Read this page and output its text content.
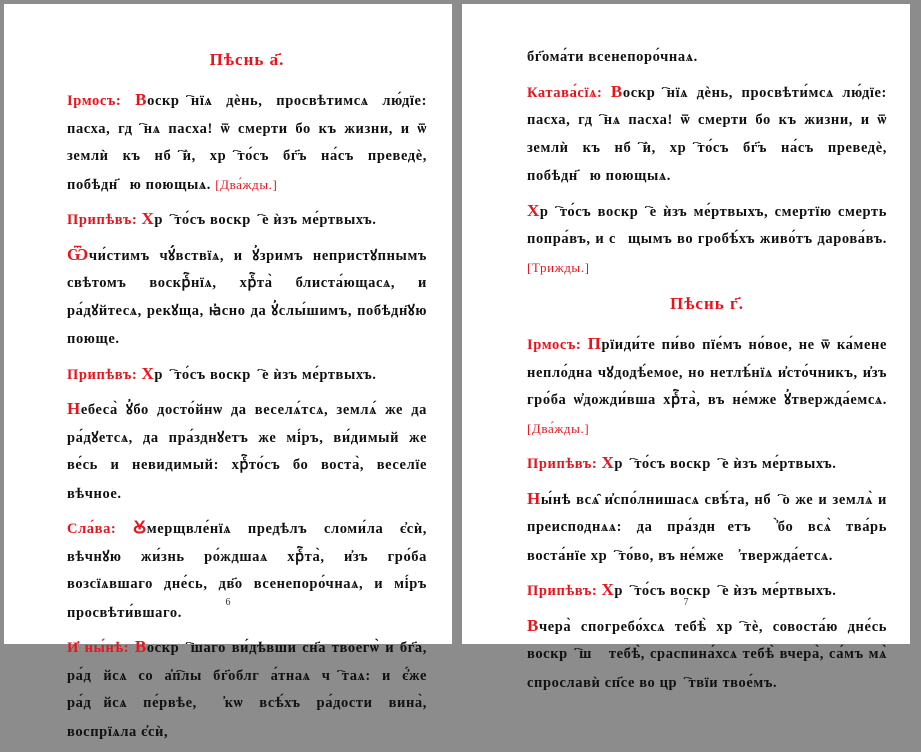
Пѣснь а҃.
Ірмосъ: Воскрⷭ҇нїѧ дѐнь, просвѣтимсѧ лю́дїе: пасха, гдⷭ҇нѧ пасха! ѿ смерти бо къ жизни, и ѿ землѝ къ нбⷭ҇ѝ, хрⷭ҇то́съ бг҃ъ на́съ преведѐ, побѣдн҃ꙋю поющыѧ. [Два́жды.]
Припѣвъ: Хрⷭ҇то́съ воскрⷭ҇е ѝзъ ме́ртвыхъ.
Ѿчи́стимъ чꙋ́вствїѧ, и ꙋ҆зримъ непристꙋпнымъ свѣтомъ воскрⷭ҇нїѧ, хрⷭ҇та̀ блиста́ющасѧ, и ра́дꙋйтесѧ, рекꙋща, ꙗ҆сно да ꙋ҆слы́шимъ, побѣдн҃ꙋю поюще.
Припѣвъ: Хрⷭ҇то́съ воскрⷭ҇е ѝзъ ме́ртвыхъ.
Небеса̀ ꙋ҆бо досто́йнѡ да веселѧ́тсѧ, землѧ́ же да ра́дꙋетсѧ, да пра́зднꙋетъ же мі́ръ, ви́димый же ве́сь и невидимый: хрⷭ҇то́съ бо воста̀, веселїе вѣчное.
Сла́ва: Ꙋмерщвле́нїѧ предѣлъ сломи́ла є҆сѝ, вѣчнꙋю жи́знь ро́ждшаѧ хрⷭ҇та̀, и҆зъ гро́ба возсїѧвшаго дне́сь, дв҃о всенепоро́чнаѧ, и мі́ръ просвѣти́вшаго.
И҆ ны́нѣ: Воскрⷭ҇шаго ви́дѣвши сн҃а твоегѡ̀ и бг҃а, ра́дꙋйсѧ со а҆п҇лы бг҃облгⷣа́тнаѧ чⷭ҇таѧ: и є҆́же ра́дꙋйсѧ пе́рвѣе, ꙗ҆кѡ всѣ́хъ ра́дости вина̀, воспрїѧла є҆сѝ,
6
бг҃ома́ти всенепоро́чнаѧ.
Катава́сїѧ: Воскрⷭ҇нїѧ дѐнь, просвѣти́мсѧ лю́дїе: пасха, гдⷭ҇нѧ пасха! ѿ смерти бо къ жизни, и ѿ землѝ къ нбⷭ҇ѝ, хрⷭ҇то́съ бг҃ъ на́съ преведѐ, побѣдн҃ꙋю поющыѧ.
Хрⷭ҇то́съ воскрⷭ҇е ѝзъ ме́ртвыхъ, смертїю смерть попра́въ, и сꙋщымъ во гробѣ́хъ живо́тъ дарова́въ. [Трижды.]
Пѣснь г҃.
Ірмосъ: Прїиди́те пи́во пїе́мъ но́вое, не ѿ ка́мене непло́дна чꙋдодѣ́емое, но нетлѣ́нїѧ и҆сто́чникъ, и҆зъ гро́ба ѡ҆дожди́вша хрⷭ҇та̀, въ не́мже ꙋ҆твержда́емсѧ. [Два́жды.]
Припѣвъ: Хрⷭ҇то́съ воскрⷭ҇е ѝзъ ме́ртвыхъ.
Ны́нѣ всѧ̑ и҆спо́лнишасѧ свѣ́та, нбⷭ҇о же и землѧ̀ и преисподнѧѧ: да пра́зднꙋетъ ꙋ҆̀бо всѧ̀ тва́рь воста́нїе хрⷭ҇то́во, въ не́мже ꙋ҆твержда́етсѧ.
Припѣвъ: Хрⷭ҇то́съ воскрⷭ҇е ѝзъ ме́ртвыхъ.
Вчера̀ спогребо́хсѧ тебѣ̀ хрⷭ҇тѐ, совоста́ю дне́сь воскрⷭ҇шꙋ тебѣ̀, сраспина́хсѧ тебѣ̀ вчера̀, са́мъ мѧ̀ спрославѝ сп҃се во црⷭ҇твїи твое́мъ.
7
